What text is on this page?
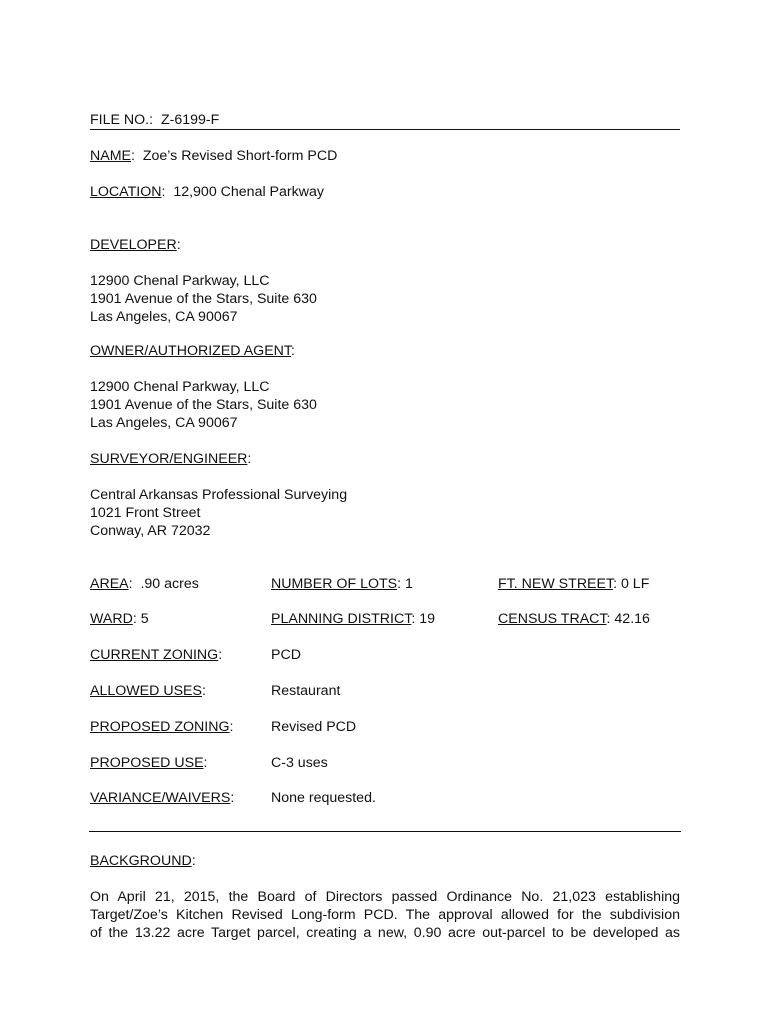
FILE NO.: Z-6199-F
NAME:  Zoe’s Revised Short-form PCD
LOCATION:  12,900 Chenal Parkway
DEVELOPER:
12900 Chenal Parkway, LLC
1901 Avenue of the Stars, Suite 630
Las Angeles, CA 90067
OWNER/AUTHORIZED AGENT:
12900 Chenal Parkway, LLC
1901 Avenue of the Stars, Suite 630
Las Angeles, CA 90067
SURVEYOR/ENGINEER:
Central Arkansas Professional Surveying
1021 Front Street
Conway, AR 72032
AREA:  .90 acres	NUMBER OF LOTS: 1	FT. NEW STREET: 0 LF
WARD: 5	PLANNING DISTRICT: 19	CENSUS TRACT: 42.16
CURRENT ZONING:	PCD
ALLOWED USES:	Restaurant
PROPOSED ZONING:	Revised PCD
PROPOSED USE:	C-3 uses
VARIANCE/WAIVERS:	None requested.
BACKGROUND:
On April 21, 2015, the Board of Directors passed Ordinance No. 21,023 establishing
Target/Zoe’s Kitchen Revised Long-form PCD. The approval allowed for the subdivision
of the 13.22 acre Target parcel, creating a new, 0.90 acre out-parcel to be developed as
